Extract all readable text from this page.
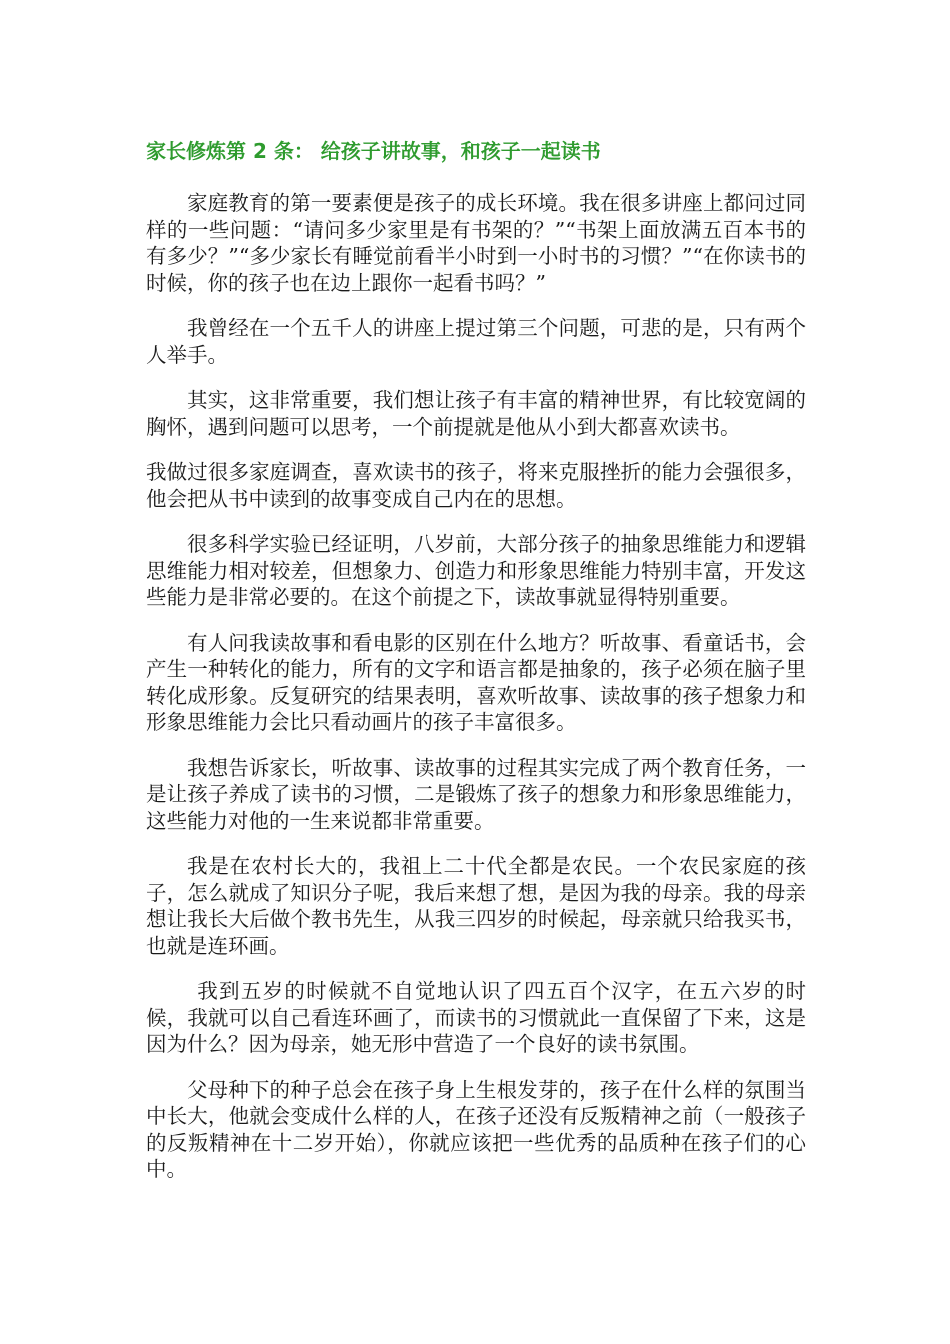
家长修炼第 2 条： 给孩子讲故事，和孩子一起读书

家庭教育的第一要素便是孩子的成长环境。我在很多讲座上都问过同样的一些问题：“请问多少家里是有书架的？”“书架上面放满五百本书的有多少？”“多少家长有睡觉前看半小时到一小时书的习惯？”“在你读书的时候，你的孩子也在边上跟你一起看书吗？”

我曾经在一个五千人的讲座上提过第三个问题，可悲的是，只有两个人举手。

其实，这非常重要，我们想让孩子有丰富的精神世界，有比较宽阔的胸怀，遇到问题可以思考，一个前提就是他从小到大都喜欢读书。

我做过很多家庭调查，喜欢读书的孩子，将来克服挫折的能力会强很多，他会把从书中读到的故事变成自己内在的思想。

很多科学实验已经证明，八岁前，大部分孩子的抽象思维能力和逻辑思维能力相对较差，但想象力、创造力和形象思维能力特别丰富，开发这些能力是非常必要的。在这个前提之下，读故事就显得特别重要。

有人问我读故事和看电影的区别在什么地方？听故事、看童话书，会产生一种转化的能力，所有的文字和语言都是抽象的，孩子必须在脑子里转化成形象。反复研究的结果表明，喜欢听故事、读故事的孩子想象力和形象思维能力会比只看动画片的孩子丰富很多。

我想告诉家长，听故事、读故事的过程其实完成了两个教育任务，一是让孩子养成了读书的习惯，二是锻炼了孩子的想象力和形象思维能力，这些能力对他的一生来说都非常重要。

我是在农村长大的，我祖上二十代全都是农民。一个农民家庭的孩子，怎么就成了知识分子呢，我后来想了想，是因为我的母亲。我的母亲想让我长大后做个教书先生，从我三四岁的时候起，母亲就只给我买书，也就是连环画。

我到五岁的时候就不自觉地认识了四五百个汉字，在五六岁的时候，我就可以自己看连环画了，而读书的习惯就此一直保留了下来，这是因为什么？因为母亲，她无形中营造了一个良好的读书氛围。

父母种下的种子总会在孩子身上生根发芽的，孩子在什么样的氛围当中长大，他就会变成什么样的人，在孩子还没有反叛精神之前（一般孩子的反叛精神在十二岁开始），你就应该把一些优秀的品质种在孩子们的心中。
